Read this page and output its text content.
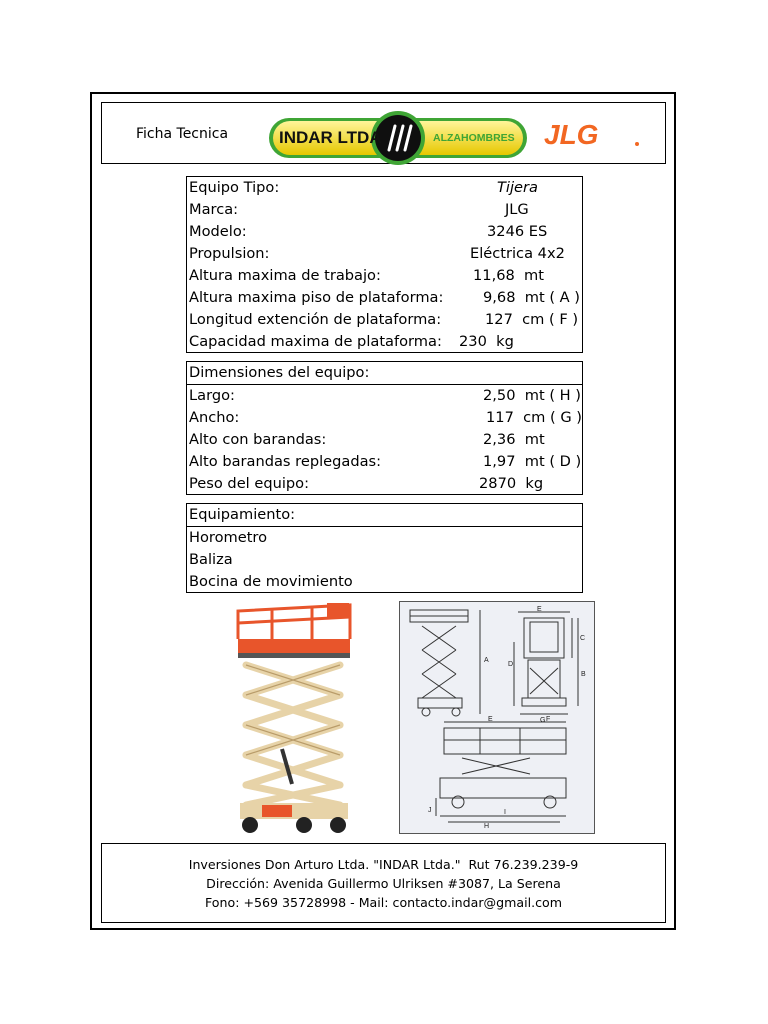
Ficha Tecnica	INDAR LTDA	ALZAHOMBRES JLG
Equipo Tipo:	Tijera
Marca:	JLG
Modelo:	3246 ES
Propulsion:	Eléctrica 4x2
Altura maxima de trabajo:	11,68  mt
Altura maxima piso de plataforma:	9,68  mt ( A )
Longitud extención de plataforma:	127  cm ( F )
Capacidad maxima de plataforma: 230  kg
Dimensiones del equipo:
Largo:	2,50  mt ( H )
Ancho:	117  cm ( G )
Alto con barandas:	2,36  mt
Alto barandas replegadas:	1,97  mt ( D )
Peso del equipo:	2870  kg
Equipamiento:
Horometro
Baliza
Bocina de movimiento
E
C
B
D
A
G
E	F
I
H
J
Inversiones Don Arturo Ltda. "INDAR Ltda."  Rut 76.239.239-9
Dirección: Avenida Guillermo Ulriksen #3087, La Serena
Fono: +569 35728998 - Mail: contacto.indar@gmail.com
